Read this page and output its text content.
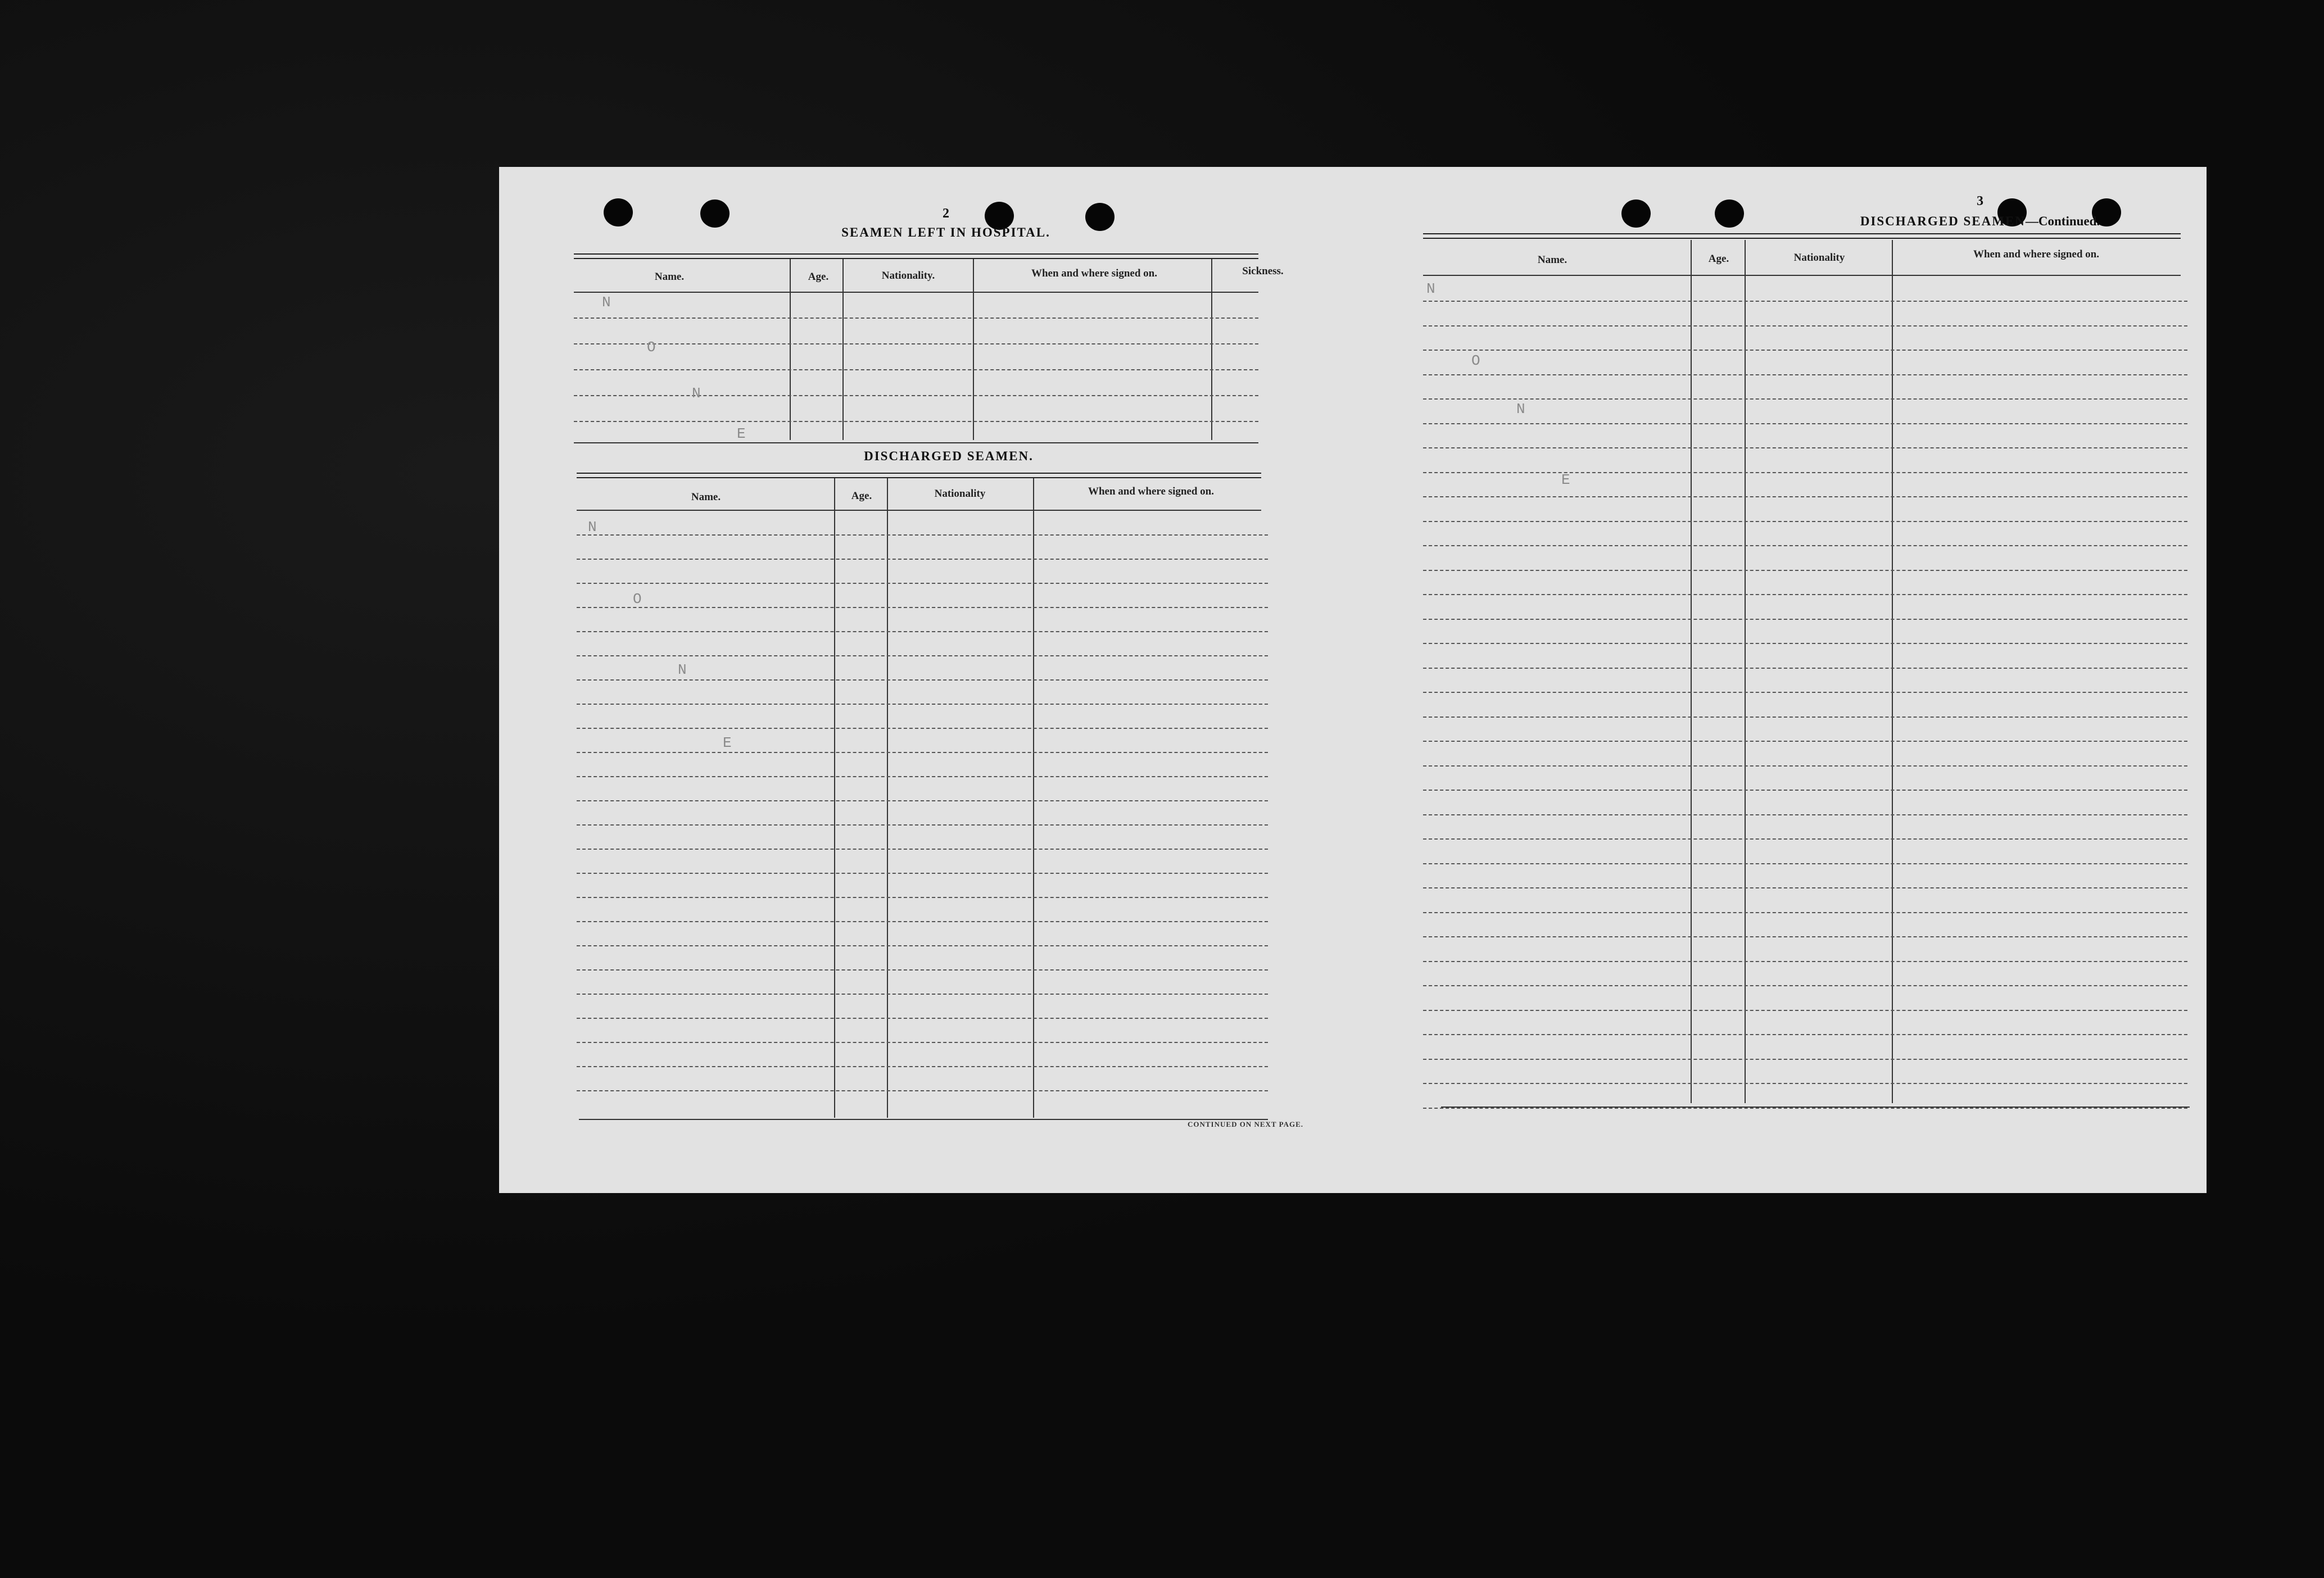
2
SEAMEN LEFT IN HOSPITAL.
Name.	Age.	Nationality.	When and where signed on.	Sickness.
N
O
N
E
DISCHARGED SEAMEN.
Name.	Age.	Nationality	When and where signed on.
N
O
N
E
CONTINUED ON NEXT PAGE.
3
DISCHARGED SEAMEN—Continued.
Name.	Age.	Nationality	When and where signed on.
N
O
N
E
